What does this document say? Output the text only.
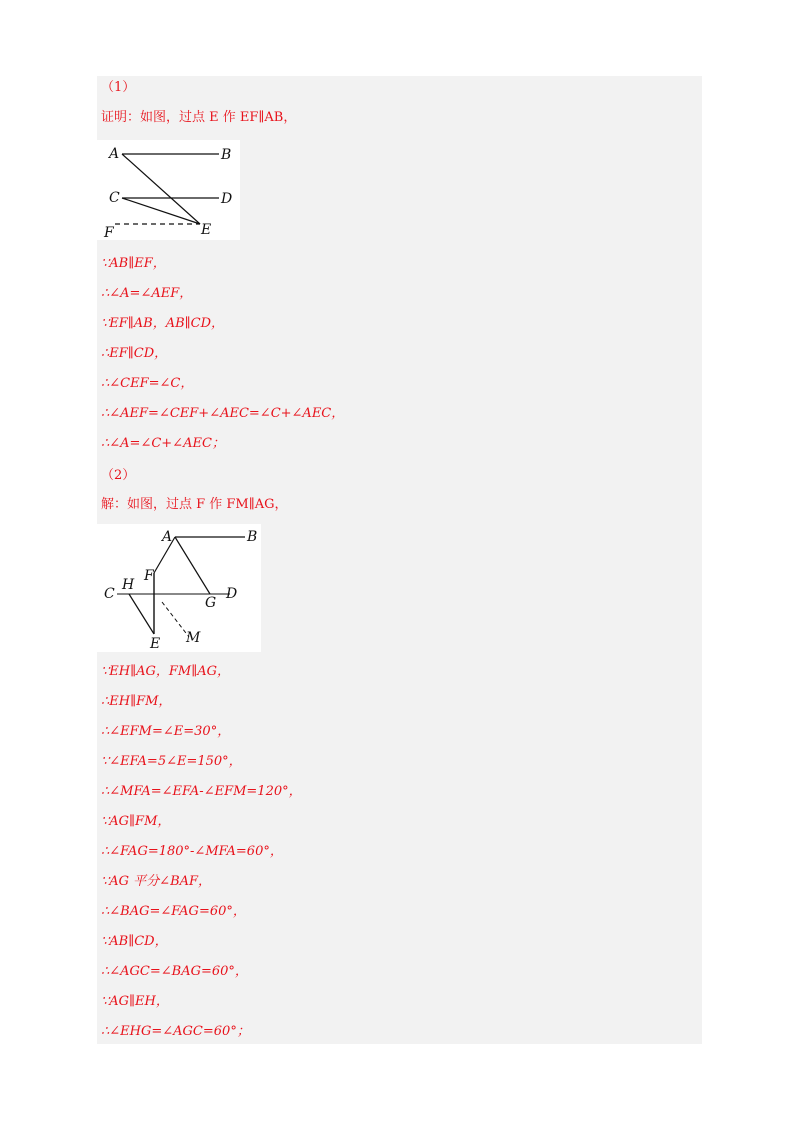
（1）
证明：如图，过点 E 作 EF∥AB，
A	B
C	D
F	E
∵AB∥EF，
∴∠A=∠AEF，
∵EF∥AB，AB∥CD，
∴EF∥CD，
∴∠CEF=∠C，
∴∠AEF=∠CEF+∠AEC=∠C+∠AEC，
∴∠A=∠C+∠AEC；
（2）
解：如图，过点 F 作 FM∥AG，
A	B
F
C
H
G
D
E M
∵EH∥AG，FM∥AG，
∴EH∥FM，
∴∠EFM=∠E=30°，
∵∠EFA=5∠E=150°，
∴∠MFA=∠EFA-∠EFM=120°，
∵AG∥FM，
∴∠FAG=180°-∠MFA=60°，
∵AG 平分∠BAF，
∴∠BAG=∠FAG=60°，
∵AB∥CD，
∴∠AGC=∠BAG=60°，
∵AG∥EH，
∴∠EHG=∠AGC=60°；
